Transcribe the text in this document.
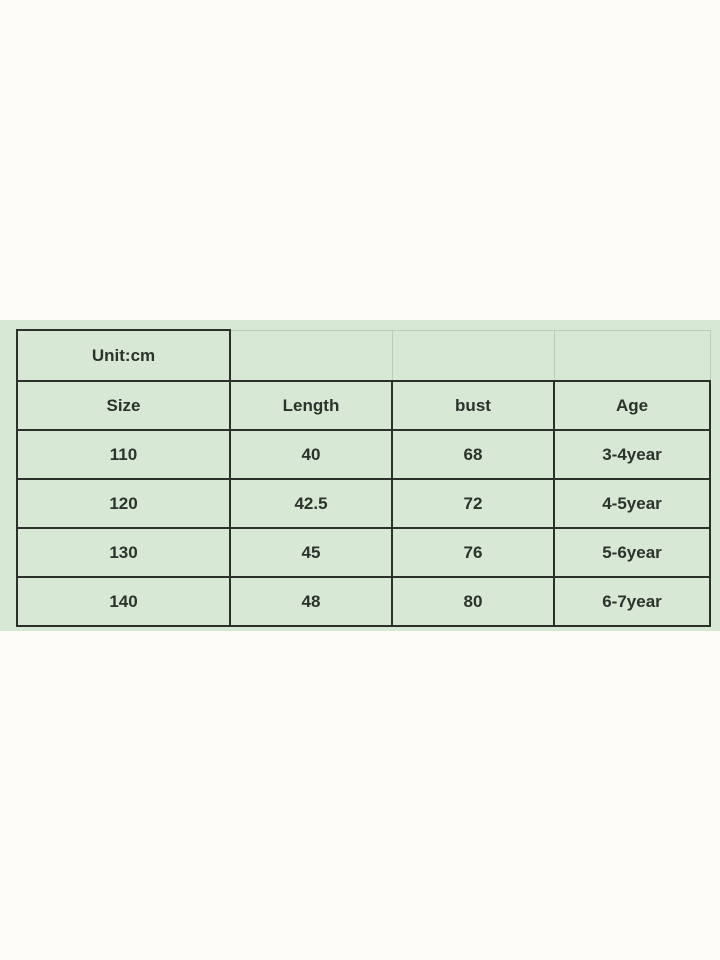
Unit:cm			
Size	Length	bust	Age
110	40	68	3-4year
120	42.5	72	4-5year
130	45	76	5-6year
140	48	80	6-7year
